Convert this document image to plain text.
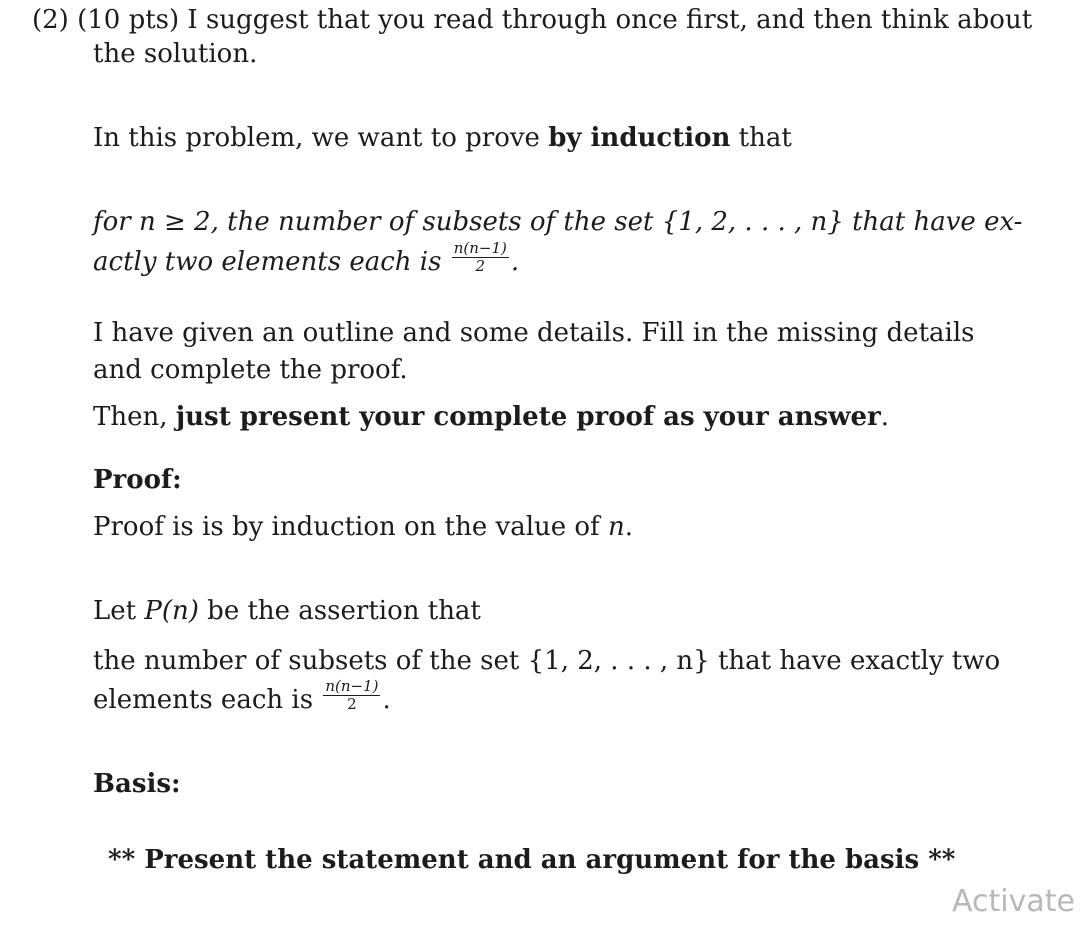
(2) (10 pts) I suggest that you read through once first, and then think about
the solution.
In this problem, we want to prove by induction that
for n ≥ 2, the number of subsets of the set {1, 2, . . . , n} that have ex-
actly two elements each is $\frac{n(n-1)}{2}$ .
I have given an outline and some details. Fill in the missing details
and complete the proof.
Then, just present your complete proof as your answer.
Proof:
Proof is is by induction on the value of n.
Let P(n) be the assertion that
the number of subsets of the set {1, 2, . . . , n} that have exactly two
elements each is $\frac{n(n-1)}{2}$ .
Basis:
** Present the statement and an argument for the basis **
Activate
